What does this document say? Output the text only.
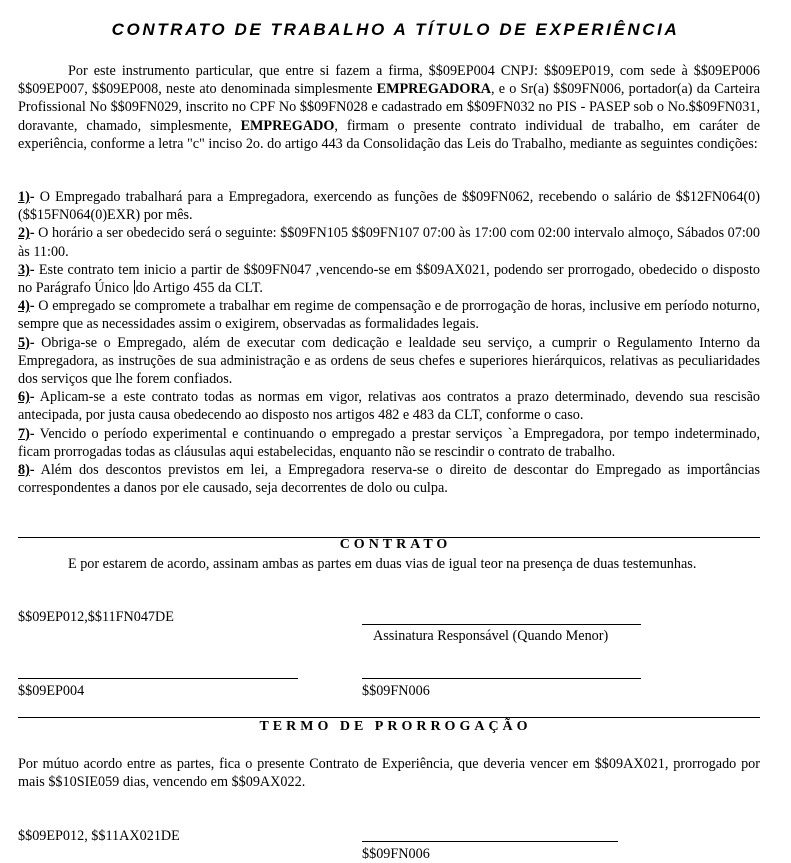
CONTRATO DE TRABALHO A TÍTULO DE EXPERIÊNCIA

Por este instrumento particular, que entre si fazem a firma, $$09EP004 CNPJ: $$09EP019, com sede à $$09EP006 $$09EP007, $$09EP008, neste ato denominada simplesmente EMPREGADORA, e o Sr(a) $$09FN006, portador(a) da Carteira Profissional No $$09FN029, inscrito no CPF No $$09FN028 e cadastrado em $$09FN032 no PIS - PASEP sob o No.$$09FN031, doravante, chamado, simplesmente, EMPREGADO, firmam o presente contrato individual de trabalho, em caráter de experiência, conforme a letra "c" inciso 2o. do artigo 443 da Consolidação das Leis do Trabalho, mediante as seguintes condições:

1)- O Empregado trabalhará para a Empregadora, exercendo as funções de $$09FN062, recebendo o salário de $$12FN064(0) ($$15FN064(0)EXR) por mês.

2)- O horário a ser obedecido será o seguinte: $$09FN105 $$09FN107 07:00 às 17:00 com 02:00 intervalo almoço, Sábados 07:00 às 11:00.

3)- Este contrato tem inicio a partir de $$09FN047 ,vencendo-se em $$09AX021, podendo ser prorrogado, obedecido o disposto no Parágrafo Único do Artigo 455 da CLT.

4)- O empregado se compromete a trabalhar em regime de compensação e de prorrogação de horas, inclusive em período noturno, sempre que as necessidades assim o exigirem, observadas as formalidades legais.

5)- Obriga-se o Empregado, além de executar com dedicação e lealdade seu serviço, a cumprir o Regulamento Interno da Empregadora, as instruções de sua administração e as ordens de seus chefes e superiores hierárquicos, relativas as peculiaridades dos serviços que lhe forem confiados.

6)- Aplicam-se a este contrato todas as normas em vigor, relativas aos contratos a prazo determinado, devendo sua rescisão antecipada, por justa causa obedecendo ao disposto nos artigos 482 e 483 da CLT, conforme o caso.

7)- Vencido o período experimental e continuando o empregado a prestar serviços `a Empregadora, por tempo indeterminado, ficam prorrogadas todas as cláusulas aqui estabelecidas, enquanto não se rescindir o contrato de trabalho.

8)- Além dos descontos previstos em lei, a Empregadora reserva-se o direito de descontar do Empregado as importâncias correspondentes a danos por ele causado, seja decorrentes de dolo ou culpa.

CONTRATO

E por estarem de acordo, assinam ambas as partes em duas vias de igual teor na presença de duas testemunhas.

$$09EP012,$$11FN047DE
Assinatura Responsável (Quando Menor)
$$09EP004	$$09FN006
TERMO DE PRORROGAÇÃO

Por mútuo acordo entre as partes, fica o presente Contrato de Experiência, que deveria vencer em $$09AX021, prorrogado por mais $$10SIE059 dias, vencendo em $$09AX022.

$$09EP012, $$11AX021DE
$$09FN006
